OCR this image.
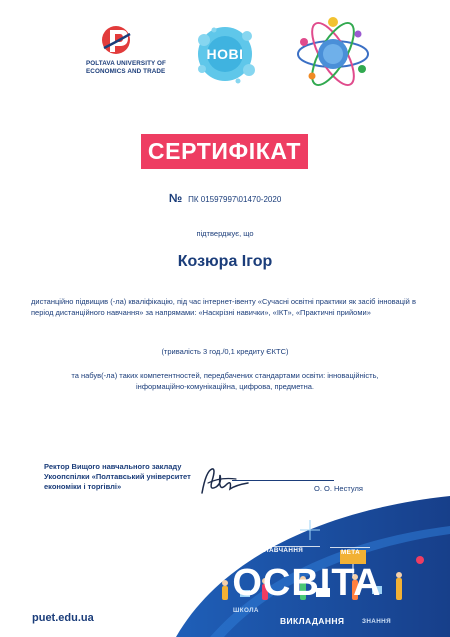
POLTAVA UNIVERSITY OF ECONOMICS AND TRADE
НОВІ
СЕРТИФІКАТ
№ ПК 01597997\01470-2020
підтверджує, що
Козюра Ігор
дистанційно підвищив (-ла) кваліфікацію, під час інтернет-івенту «Сучасні освітні практики як засіб інновацій в період дистанційного навчання» за напрямами: «Наскрізні навички», «ІКТ», «Практичні прийоми»
(тривалість 3 год./0,1 кредиту ЄКТС)
та набув(-ла) таких компетентностей, передбачених стандартами освіти: інноваційність, інформаційно-комунікаційна, цифрова, предметна.
Ректор Вищого навчального закладу Укоопспілки «Полтавський університет економіки і торгівлі»	О. О. Нестуля
ОСВІТА
НАВЧАННЯ	МЕТА
ШКОЛА
ВИКЛАДАННЯ	ЗНАННЯ
puet.edu.ua
